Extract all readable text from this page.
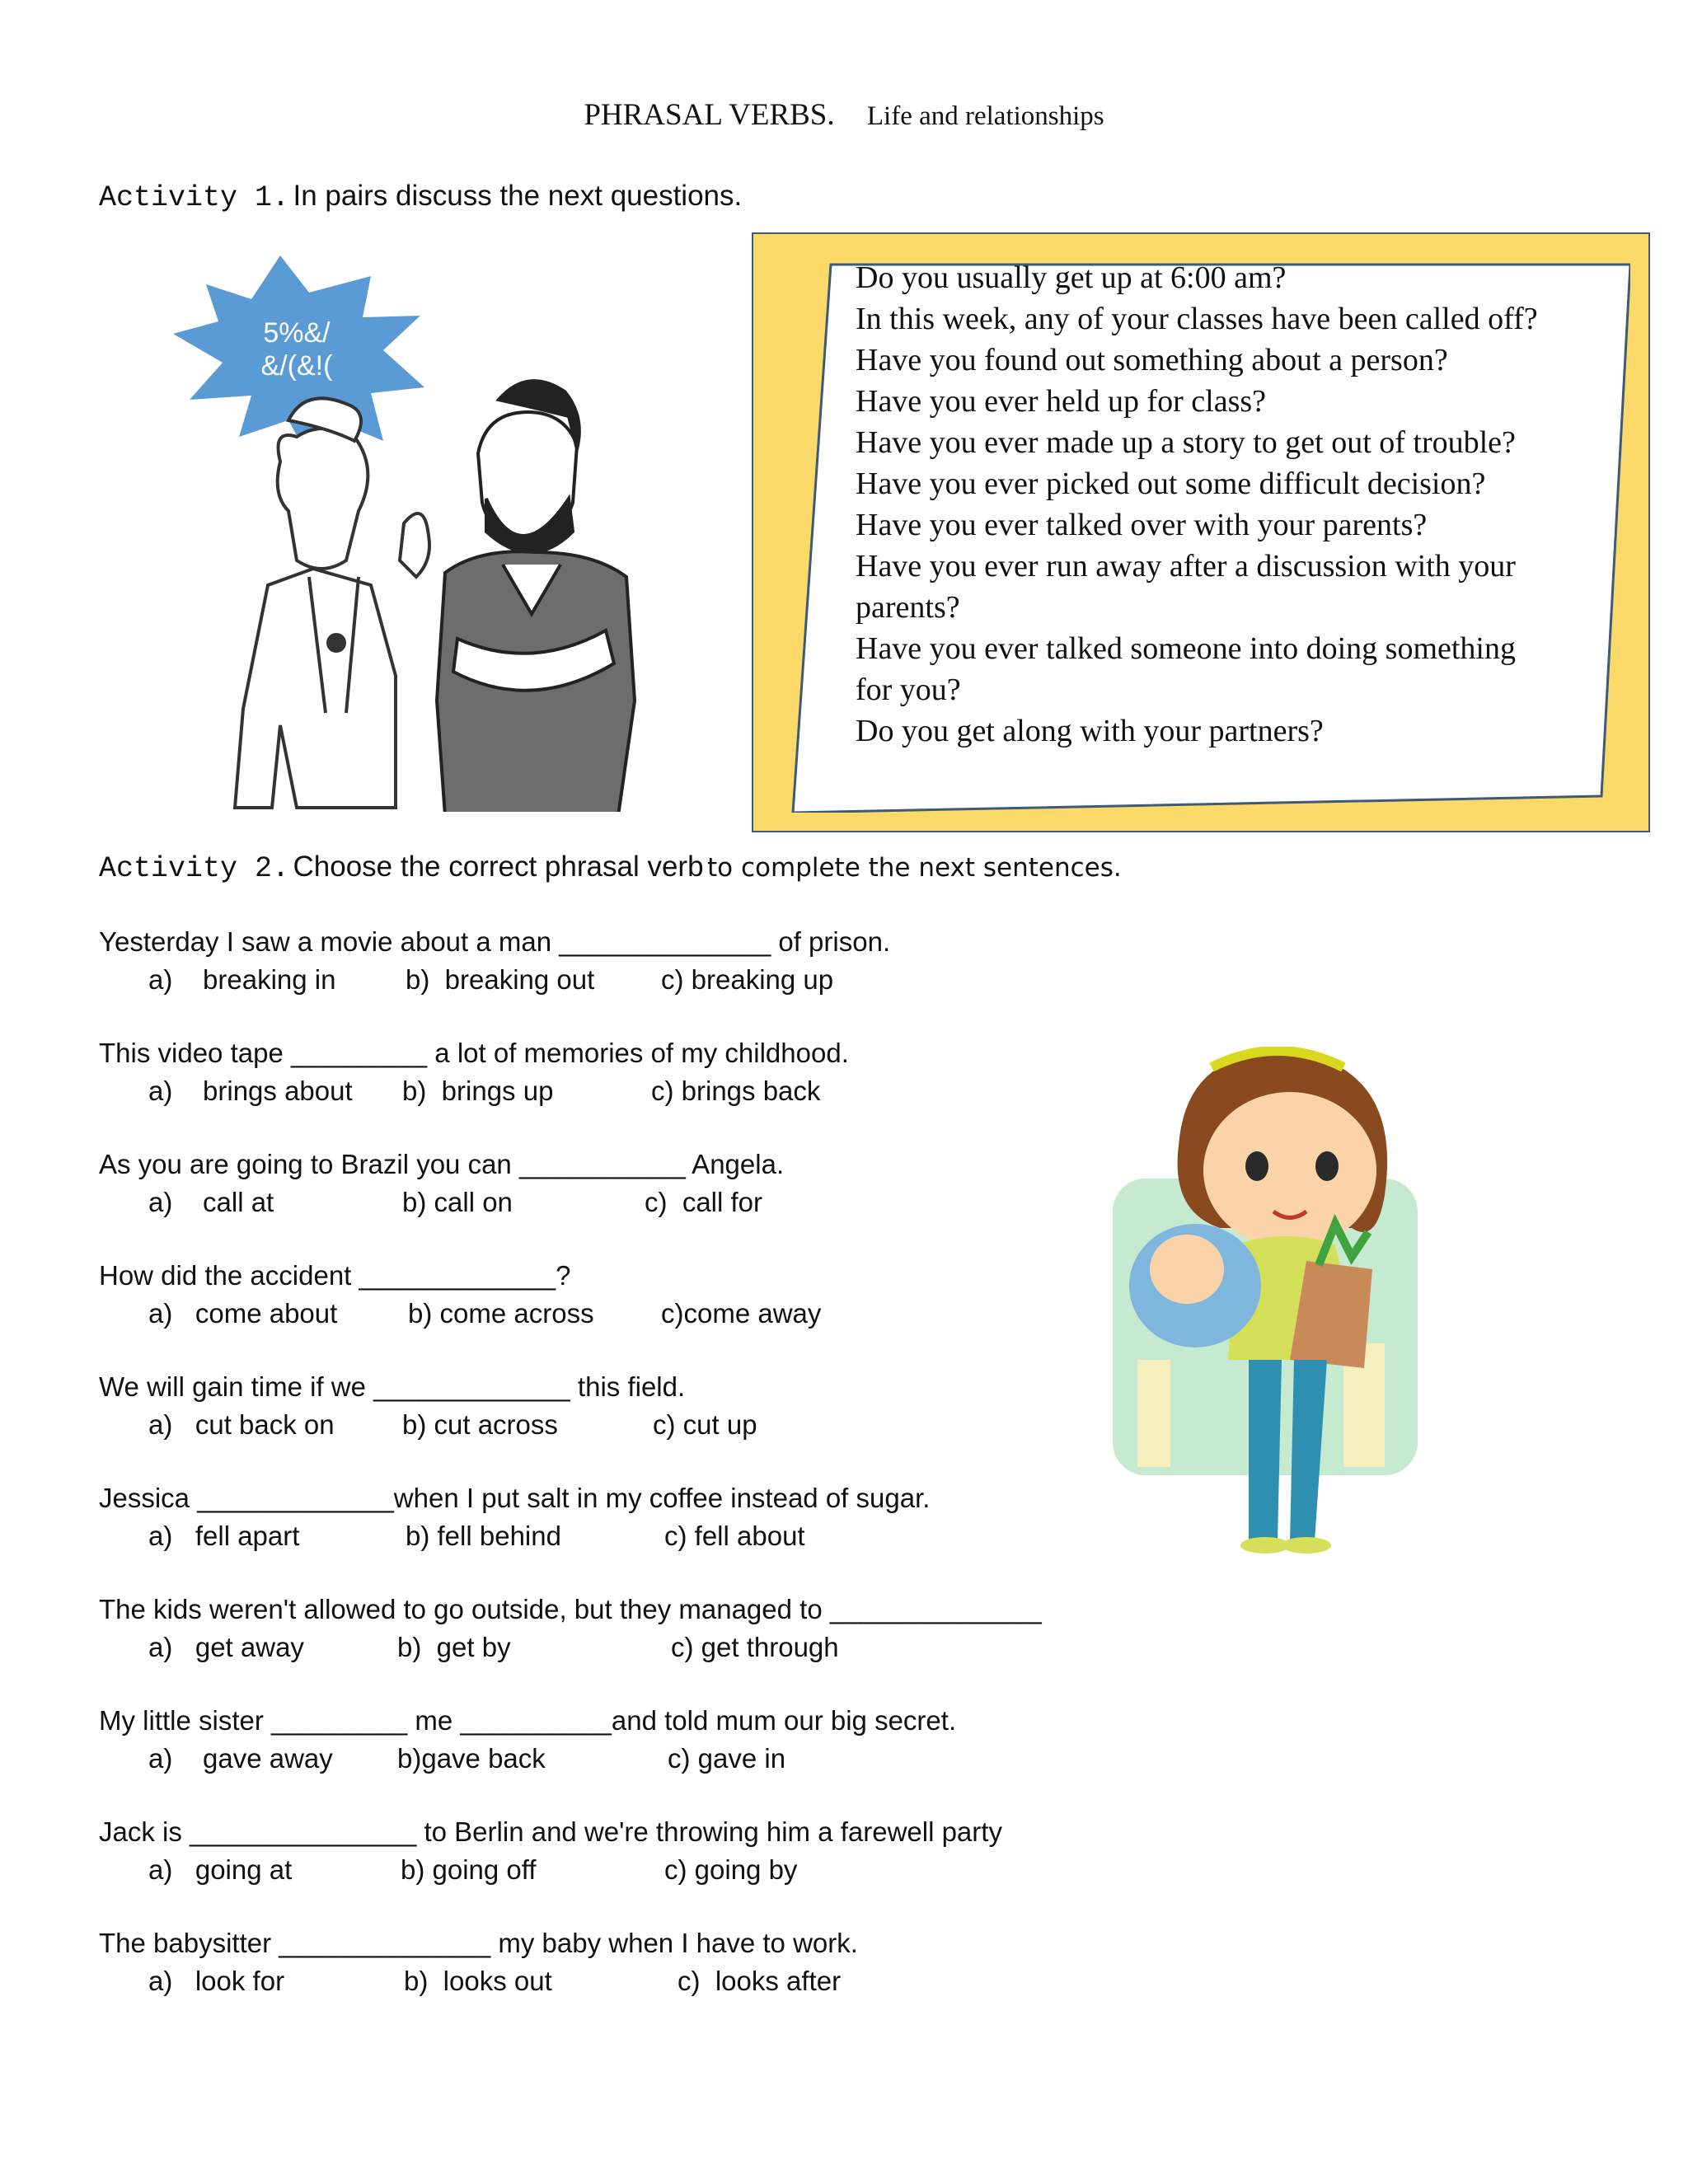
PHRASAL VERBS. Life and relationships
Activity 1. In pairs discuss the next questions.
5%&/
&/(&!(
Do you usually get up at 6:00 am?
In this week, any of your classes have been called off?
Have you found out something about a person?
Have you ever held up for class?
Have you ever made up a story to get out of trouble?
Have you ever picked out some difficult decision?
Have you ever talked over with your parents?
Have you ever run away after a discussion with your
parents?
Have you ever talked someone into doing something
for you?
Do you get along with your partners?
Activity 2. Choose the correct phrasal verb to complete the next sentences.
Yesterday I saw a movie about a man ______________ of prison.
a)    breaking in	b)  breaking out c) breaking up
This video tape _________ a lot of memories of my childhood.
a)    brings about b)  brings up	c) brings back
As you are going to Brazil you can ___________ Angela.
a)    call at	b) call on	c)  call for
How did the accident _____________?
a)   come about	b) come across c)come away
We will gain time if we _____________ this field.
a)   cut back on b) cut across	c) cut up
Jessica _____________when I put salt in my coffee instead of sugar.
a)   fell apart	b) fell behind	c) fell about
The kids weren't allowed to go outside, but they managed to ______________
a)   get away	b)  get by	c) get through
My little sister _________ me __________and told mum our big secret.
a)    gave away b)gave back	c) gave in
Jack is _______________ to Berlin and we're throwing him a farewell party
a)   going at	b) going off	c) going by
The babysitter ______________ my baby when I have to work.
a)   look for	b)  looks out	c)  looks after
